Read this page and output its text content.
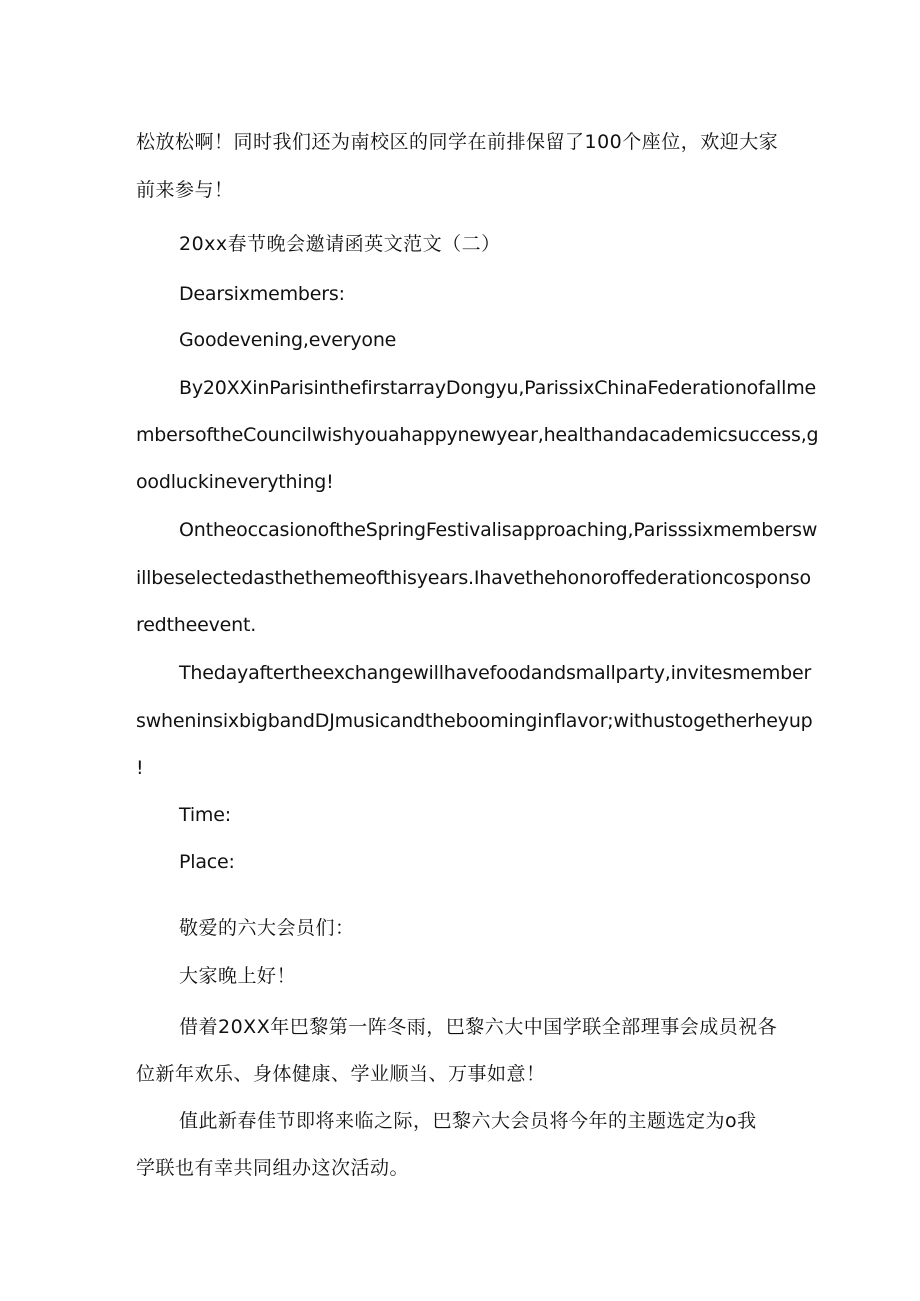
松放松啊！同时我们还为南校区的同学在前排保留了100个座位，欢迎大家
前来参与！
20xx春节晚会邀请函英文范文（二）
Dearsixmembers:
Goodevening,everyone
By20XXinParisinthefirstarrayDongyu,ParissixChinaFederationofallme
mbersoftheCouncilwishyouahappynewyear,healthandacademicsuccess,g
oodluckineverything!
OntheoccasionoftheSpringFestivalisapproaching,Parisssixmembersw
illbeselectedasthethemeofthisyears.Ihavethehonoroffederationcosponso
redtheevent.
Thedayaftertheexchangewillhavefoodandsmallparty,invitesmember
swheninsixbigbandDJmusicandtheboominginflavor;withustogetherheyup
!
Time:
Place:
敬爱的六大会员们：
大家晚上好！
借着20XX年巴黎第一阵冬雨，巴黎六大中国学联全部理事会成员祝各
位新年欢乐、身体健康、学业顺当、万事如意！
值此新春佳节即将来临之际，巴黎六大会员将今年的主题选定为o我
学联也有幸共同组办这次活动。
